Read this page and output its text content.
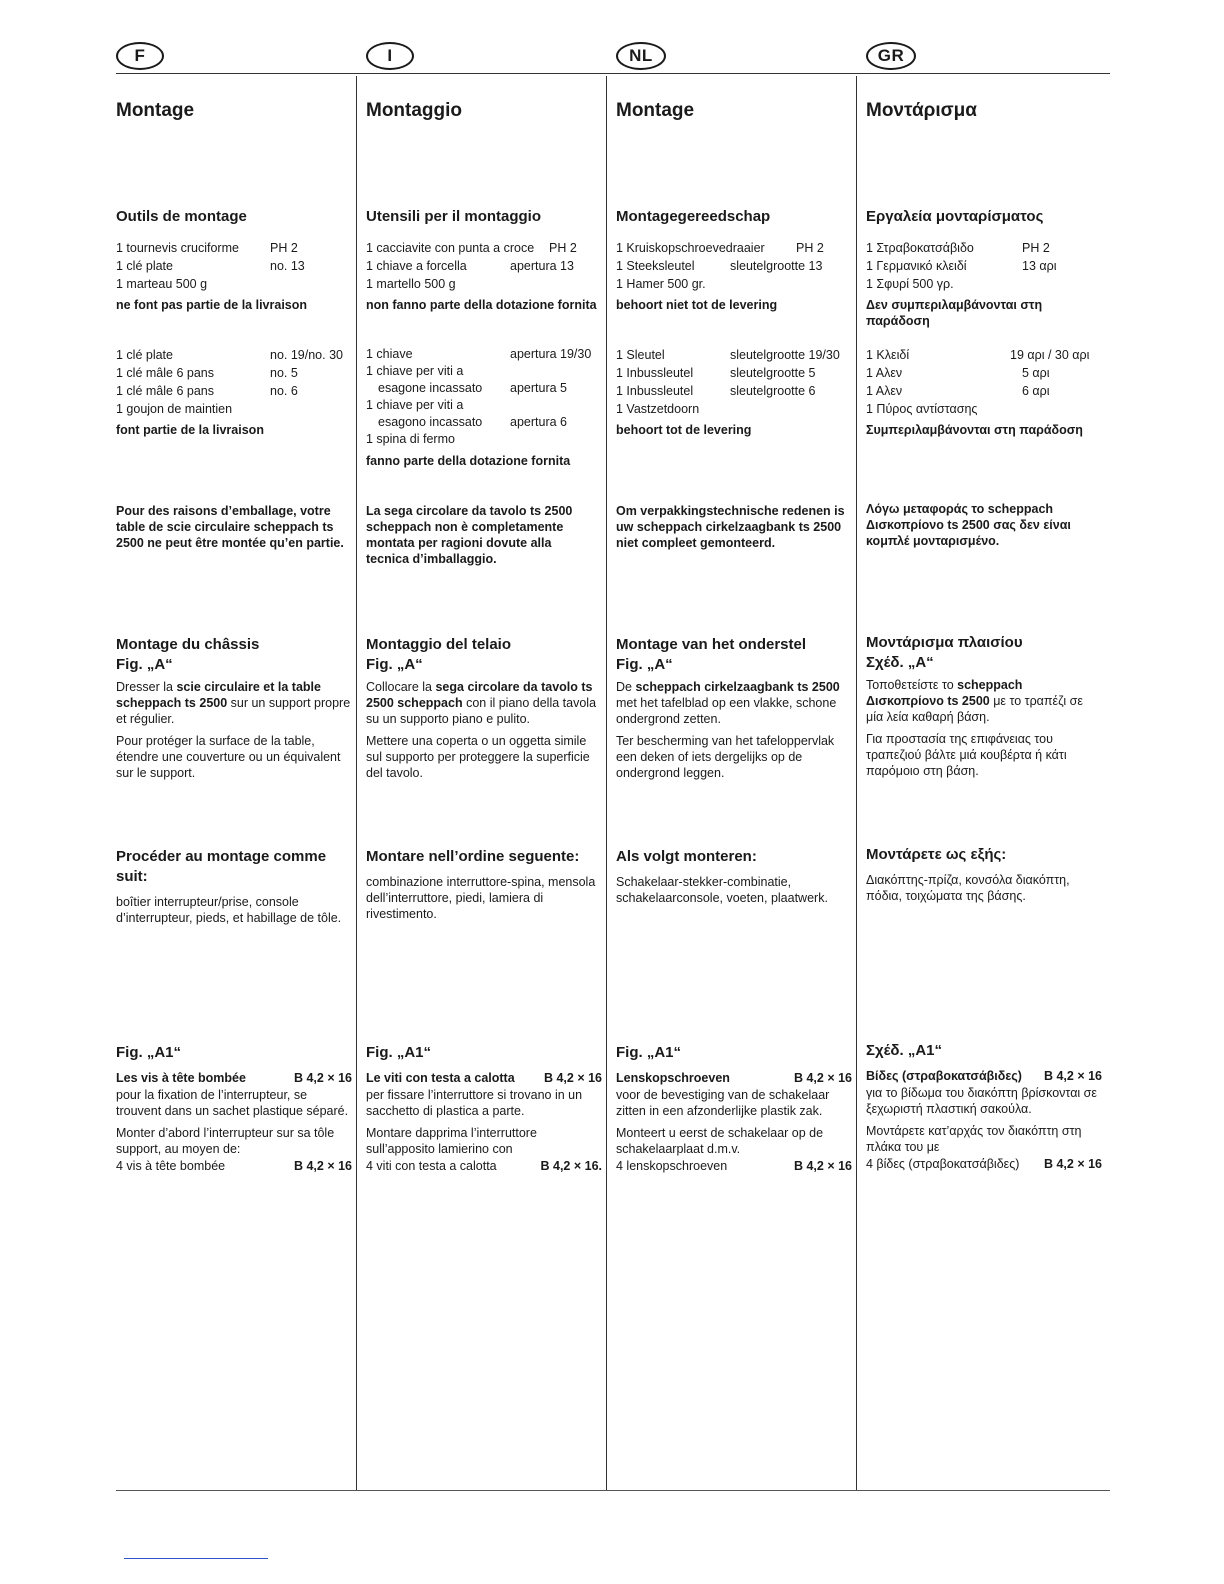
F	I	NL	GR
Montage
Outils de montage
1 tournevis cruciforme PH 2
1 clé plate	no. 13
1 marteau 500 g
ne font pas partie de la livraison
1 clé plate	no. 19/no. 30
1 clé mâle 6 pans	no. 5
1 clé mâle 6 pans	no. 6
1 goujon de maintien
font partie de la livraison
Pour des raisons d’emballage, votre table de scie circulaire scheppach ts 2500 ne peut être montée qu’en partie.
Montage du châssis
Fig. „A“

Dresser la scie circulaire et la table scheppach ts 2500 sur un support propre et régulier.

Pour protéger la surface de la table, étendre une couverture ou un équivalent sur le support.

Procéder au montage comme suit:

boîtier interrupteur/prise, console d’interrupteur, pieds, et habillage de tôle.

Fig. „A1“
Les vis à tête bombée	B 4,2 × 16

pour la fixation de l’interrupteur, se trouvent dans un sachet plastique séparé.

Monter d’abord l’interrupteur sur sa tôle support, au moyen de:

4 vis à tête bombée	B 4,2 × 16
Montaggio
Utensili per il montaggio
1 cacciavite con punta a croce PH 2
1 chiave a forcella	apertura 13
1 martello 500 g
non fanno parte della dotazione fornita
1 chiave	apertura 19/30
1 chiave per viti a
esagone incassato apertura 5
1 chiave per viti a
esagono incassato apertura 6
1 spina di fermo
fanno parte della dotazione fornita
La sega circolare da tavolo ts 2500 scheppach non è completamente montata per ragioni dovute alla tecnica d’imballaggio.
Montaggio del telaio
Fig. „A“

Collocare la sega circolare da tavolo ts 2500 scheppach con il piano della tavola su un supporto piano e pulito.

Mettere una coperta o un oggetta simile sul supporto per proteggere la superficie del tavolo.

Montare nell’ordine seguente:

combinazione interruttore-spina, mensola dell’interruttore, piedi, lamiera di rivestimento.

Fig. „A1“
Le viti con testa a calotta B 4,2 × 16

per fissare l’interruttore si trovano in un sacchetto di plastica a parte.

Montare dapprima l’interruttore sull’apposito lamierino con

4 viti con testa a calotta	B 4,2 × 16.
Montage
Montagegereedschap
1 Kruiskopschroevedraaier	PH 2
1 Steeksleutel	sleutelgrootte 13
1 Hamer 500 gr.
behoort niet tot de levering
1 Sleutel	sleutelgrootte 19/30
1 Inbussleutel	sleutelgrootte 5
1 Inbussleutel	sleutelgrootte 6
1 Vastzetdoorn
behoort tot de levering
Om verpakkingstechnische redenen is uw scheppach cirkelzaagbank ts 2500 niet compleet gemonteerd.
Montage van het onderstel
Fig. „A“

De scheppach cirkelzaagbank ts 2500 met het tafelblad op een vlakke, schone ondergrond zetten.

Ter bescherming van het tafeloppervlak een deken of iets dergelijks op de ondergrond leggen.

Als volgt monteren:

Schakelaar-stekker-combinatie, schakelaarconsole, voeten, plaatwerk.

Fig. „A1“
Lenskopschroeven	B 4,2 × 16

voor de bevestiging van de schakelaar zitten in een afzonderlijke plastik zak.

Monteert u eerst de schakelaar op de schakelaarplaat d.m.v.

4 lenskopschroeven	B 4,2 × 16
Μοντάρισμα
Εργαλεία μονταρίσματος
1 Στραβοκατσάβιδο	PH 2
1 Γερμανικό κλειδί	13 αρι
1 Σφυρί 500 γρ.
Δεν συμπεριλαμβάνονται στη παράδοση
1 Κλειδί	19 αρι / 30 αρι
1 Αλεν	5 αρι
1 Αλεν	6 αρι
1 Πύρος αντίστασης
Συμπεριλαμβάνονται στη παράδοση
Λόγω μεταφοράς το scheppach Δισκοπρίονο ts 2500 σας δεν είναι κομπλέ μονταρισμένο.
Μοντάρισμα πλαισίου
Σχέδ. „A“

Τοποθετείστε το scheppach Δισκοπρίονο ts 2500 με το τραπέζι σε μία λεία καθαρή βάση.

Για προστασία της επιφάνειας του τραπεζιού βάλτε μιά κουβέρτα ή κάτι παρόμοιο στη βάση.

Μοντάρετε ως εξής:

Διακόπτης-πρίζα, κονσόλα διακόπτη, πόδια, τοιχώματα της βάσης.

Σχέδ. „A1“
Βίδες (στραβοκατσάβιδες) B 4,2 × 16

για το βίδωμα του διακόπτη βρίσκονται σε ξεχωριστή πλαστική σακούλα.

Μοντάρετε κατ’αρχάς τον διακόπτη στη πλάκα του με

4 βίδες (στραβοκατσάβιδες) B 4,2 × 16
